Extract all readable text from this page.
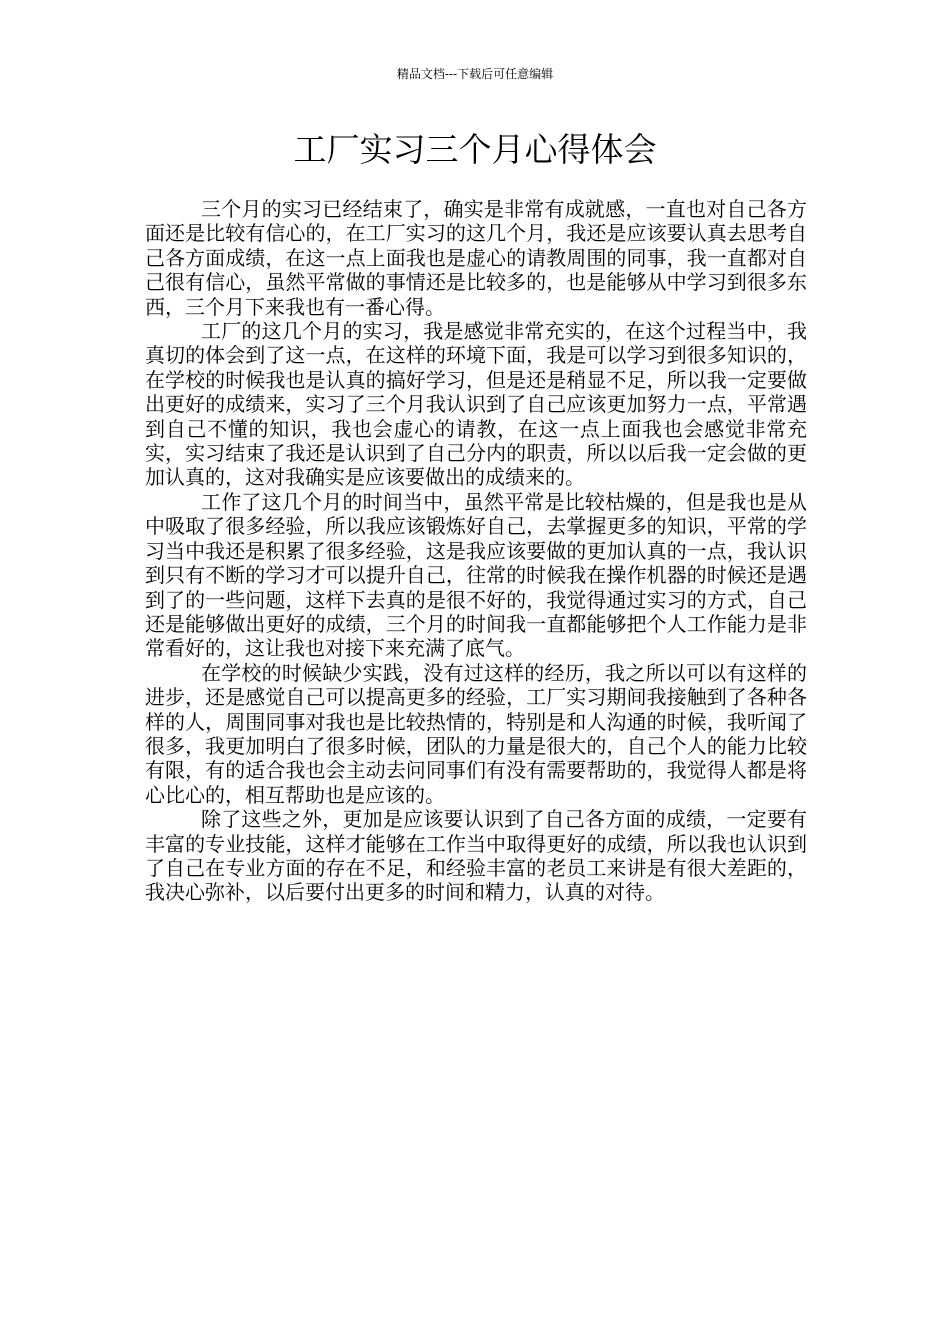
精品文档---下载后可任意编辑
工厂实习三个月心得体会

三个月的实习已经结束了，确实是非常有成就感，一直也对自己各方面还是比较有信心的，在工厂实习的这几个月，我还是应该要认真去思考自己各方面成绩，在这一点上面我也是虚心的请教周围的同事，我一直都对自己很有信心，虽然平常做的事情还是比较多的，也是能够从中学习到很多东西，三个月下来我也有一番心得。

工厂的这几个月的实习，我是感觉非常充实的，在这个过程当中，我真切的体会到了这一点，在这样的环境下面，我是可以学习到很多知识的，在学校的时候我也是认真的搞好学习，但是还是稍显不足，所以我一定要做出更好的成绩来，实习了三个月我认识到了自己应该更加努力一点，平常遇到自己不懂的知识，我也会虚心的请教，在这一点上面我也会感觉非常充实，实习结束了我还是认识到了自己分内的职责，所以以后我一定会做的更加认真的，这对我确实是应该要做出的成绩来的。

工作了这几个月的时间当中，虽然平常是比较枯燥的，但是我也是从中吸取了很多经验，所以我应该锻炼好自己，去掌握更多的知识，平常的学习当中我还是积累了很多经验，这是我应该要做的更加认真的一点，我认识到只有不断的学习才可以提升自己，往常的时候我在操作机器的时候还是遇到了的一些问题，这样下去真的是很不好的，我觉得通过实习的方式，自己还是能够做出更好的成绩，三个月的时间我一直都能够把个人工作能力是非常看好的，这让我也对接下来充满了底气。

在学校的时候缺少实践，没有过这样的经历，我之所以可以有这样的进步，还是感觉自己可以提高更多的经验，工厂实习期间我接触到了各种各样的人，周围同事对我也是比较热情的，特别是和人沟通的时候，我听闻了很多，我更加明白了很多时候，团队的力量是很大的，自己个人的能力比较有限，有的适合我也会主动去问同事们有没有需要帮助的，我觉得人都是将心比心的，相互帮助也是应该的。

除了这些之外，更加是应该要认识到了自己各方面的成绩，一定要有丰富的专业技能，这样才能够在工作当中取得更好的成绩，所以我也认识到了自己在专业方面的存在不足，和经验丰富的老员工来讲是有很大差距的，我决心弥补，以后要付出更多的时间和精力，认真的对待。
